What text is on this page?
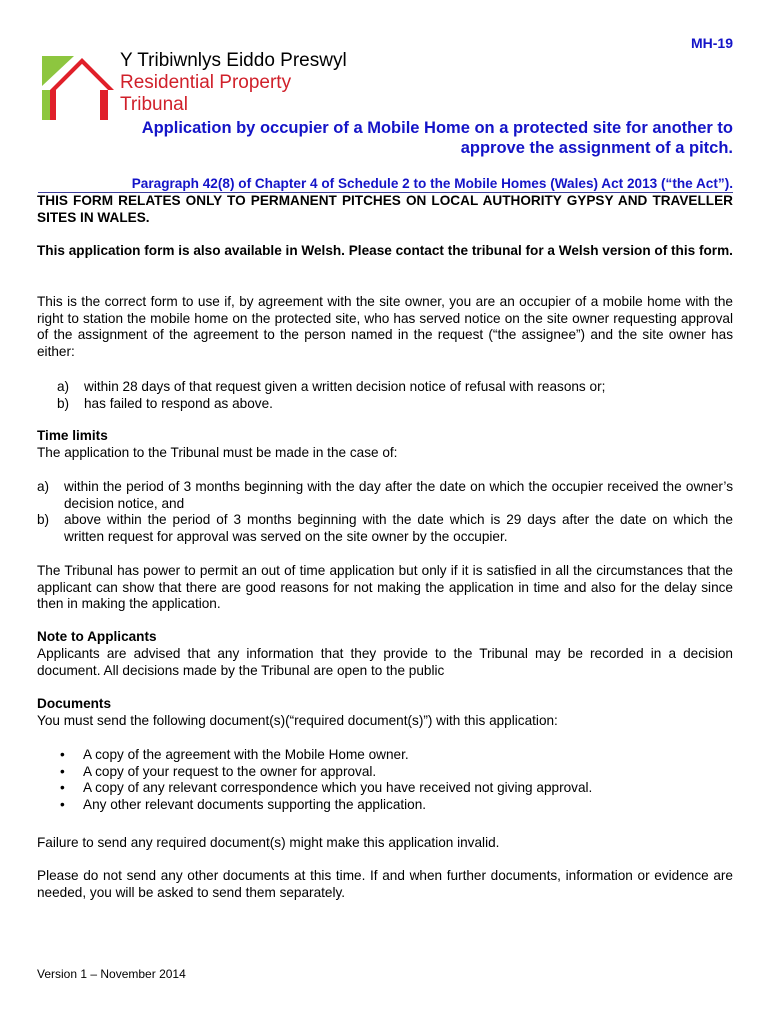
MH-19
Y Tribiwnlys Eiddo Preswyl
Residential Property Tribunal
Application by occupier of a Mobile Home on a protected site for another to
approve the assignment of a pitch.
Paragraph 42(8) of Chapter 4 of Schedule 2 to the Mobile Homes (Wales) Act 2013 (“the Act”).
THIS FORM RELATES ONLY TO PERMANENT PITCHES ON LOCAL AUTHORITY GYPSY AND TRAVELLER SITES IN WALES.
This application form is also available in Welsh. Please contact the tribunal for a Welsh version of this form.
This is the correct form to use if, by agreement with the site owner, you are an occupier of a mobile home with the right to station the mobile home on the protected site, who has served notice on the site owner requesting approval of the assignment of the agreement to the person named in the request (“the assignee”) and the site owner has either:
a) within 28 days of that request given a written decision notice of refusal with reasons or;
b) has failed to respond as above.
Time limits
The application to the Tribunal must be made in the case of:
a) within the period of 3 months beginning with the day after the date on which the occupier received the owner’s decision notice, and
b) above within the period of 3 months beginning with the date which is 29 days after the date on which the written request for approval was served on the site owner by the occupier.
The Tribunal has power to permit an out of time application but only if it is satisfied in all the circumstances that the applicant can show that there are good reasons for not making the application in time and also for the delay since then in making the application.
Note to Applicants
Applicants are advised that any information that they provide to the Tribunal may be recorded in a decision document. All decisions made by the Tribunal are open to the public
Documents
You must send the following document(s)(“required document(s)”) with this application:
• A copy of the agreement with the Mobile Home owner.
• A copy of your request to the owner for approval.
• A copy of any relevant correspondence which you have received not giving approval.
• Any other relevant documents supporting the application.
Failure to send any required document(s) might make this application invalid.
Please do not send any other documents at this time. If and when further documents, information or evidence are needed, you will be asked to send them separately.
Version 1 – November 2014
